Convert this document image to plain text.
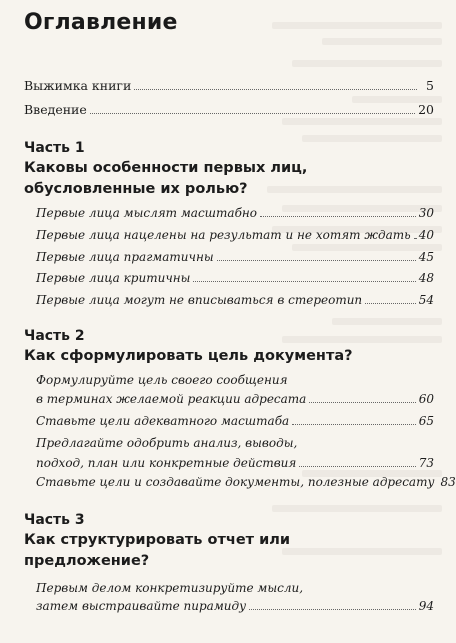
Оглавление
Выжимка книги	5
Введение	20
Часть 1
Каковы особенности первых лиц,
обусловленные их ролью?
Первые лица мыслят масштабно	30
Первые лица нацелены на результат и не хотят ждать 40
Первые лица прагматичны	45
Первые лица критичны	48
Первые лица могут не вписываться в стереотип	54
Часть 2
Как сформулировать цель документа?
Формулируйте цель своего сообщения
в терминах желаемой реакции адресата	60
Ставьте цели адекватного масштаба	65
Предлагайте одобрить анализ, выводы,
подход, план или конкретные действия	73
Ставьте цели и создавайте документы, полезные адресату 83
Часть 3
Как структурировать отчет или
предложение?
Первым делом конкретизируйте мысли,
затем выстраивайте пирамиду	94
